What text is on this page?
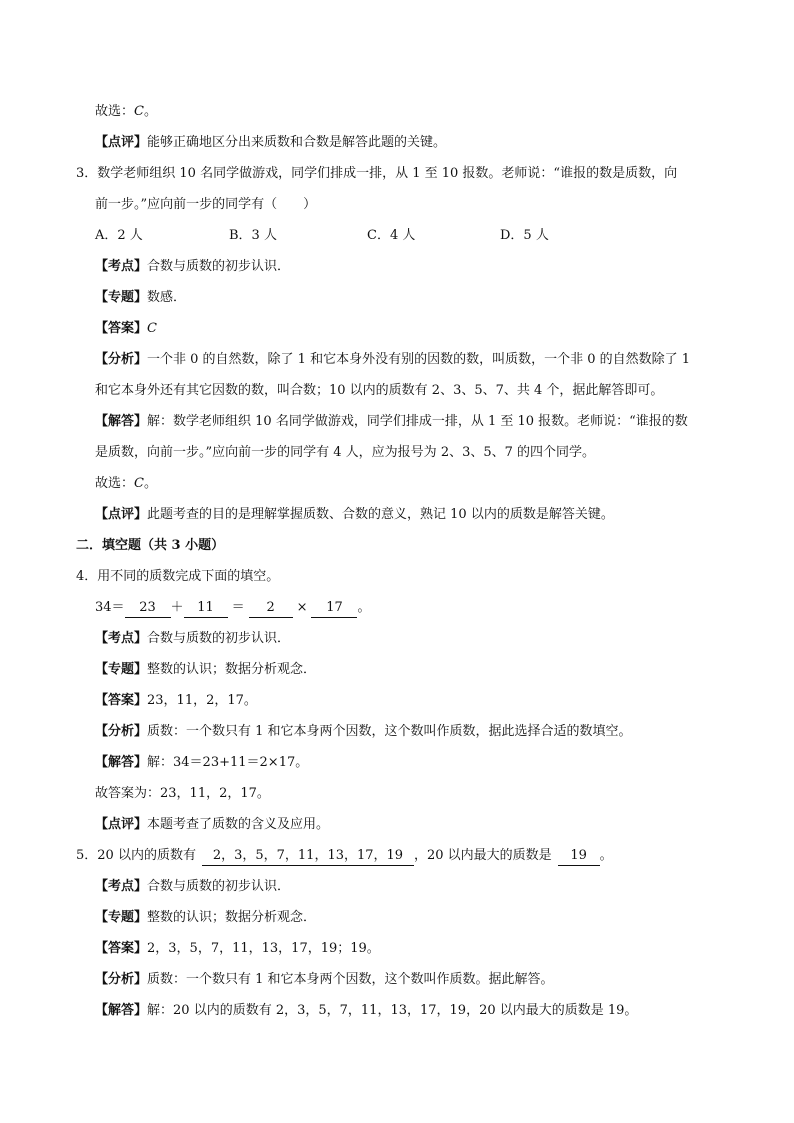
故选：C。
【点评】能够正确地区分出来质数和合数是解答此题的关键。
3．数学老师组织 10 名同学做游戏，同学们排成一排，从 1 至 10 报数。老师说：“谁报的数是质数，向
前一步。”应向前一步的同学有（　　）
A．2 人	B．3 人	C．4 人	D．5 人
【考点】合数与质数的初步认识．
【专题】数感．
【答案】C
【分析】一个非 0 的自然数，除了 1 和它本身外没有别的因数的数，叫质数，一个非 0 的自然数除了 1
和它本身外还有其它因数的数，叫合数；10 以内的质数有 2、3、5、7、共 4 个，据此解答即可。
【解答】解：数学老师组织 10 名同学做游戏，同学们排成一排，从 1 至 10 报数。老师说：“谁报的数
是质数，向前一步。”应向前一步的同学有 4 人，应为报号为 2、3、5、7 的四个同学。
故选：C。
【点评】此题考查的目的是理解掌握质数、合数的意义，熟记 10 以内的质数是解答关键。
二．填空题（共 3 小题）
4．用不同的质数完成下面的填空。
34＝ 23 ＋ 11 ＝ 2 × 17 。
【考点】合数与质数的初步认识．
【专题】整数的认识；数据分析观念．
【答案】23，11，2，17。
【分析】质数：一个数只有 1 和它本身两个因数，这个数叫作质数，据此选择合适的数填空。
【解答】解：34＝23+11＝2×17。
故答案为：23，11，2，17。
【点评】本题考查了质数的含义及应用。
5．20 以内的质数有 2，3，5，7，11，13，17，19 ，20 以内最大的质数是 19 。
【考点】合数与质数的初步认识．
【专题】整数的认识；数据分析观念．
【答案】2，3，5，7，11，13，17，19；19。
【分析】质数：一个数只有 1 和它本身两个因数，这个数叫作质数。据此解答。
【解答】解：20 以内的质数有 2，3，5，7，11，13，17，19，20 以内最大的质数是 19。
